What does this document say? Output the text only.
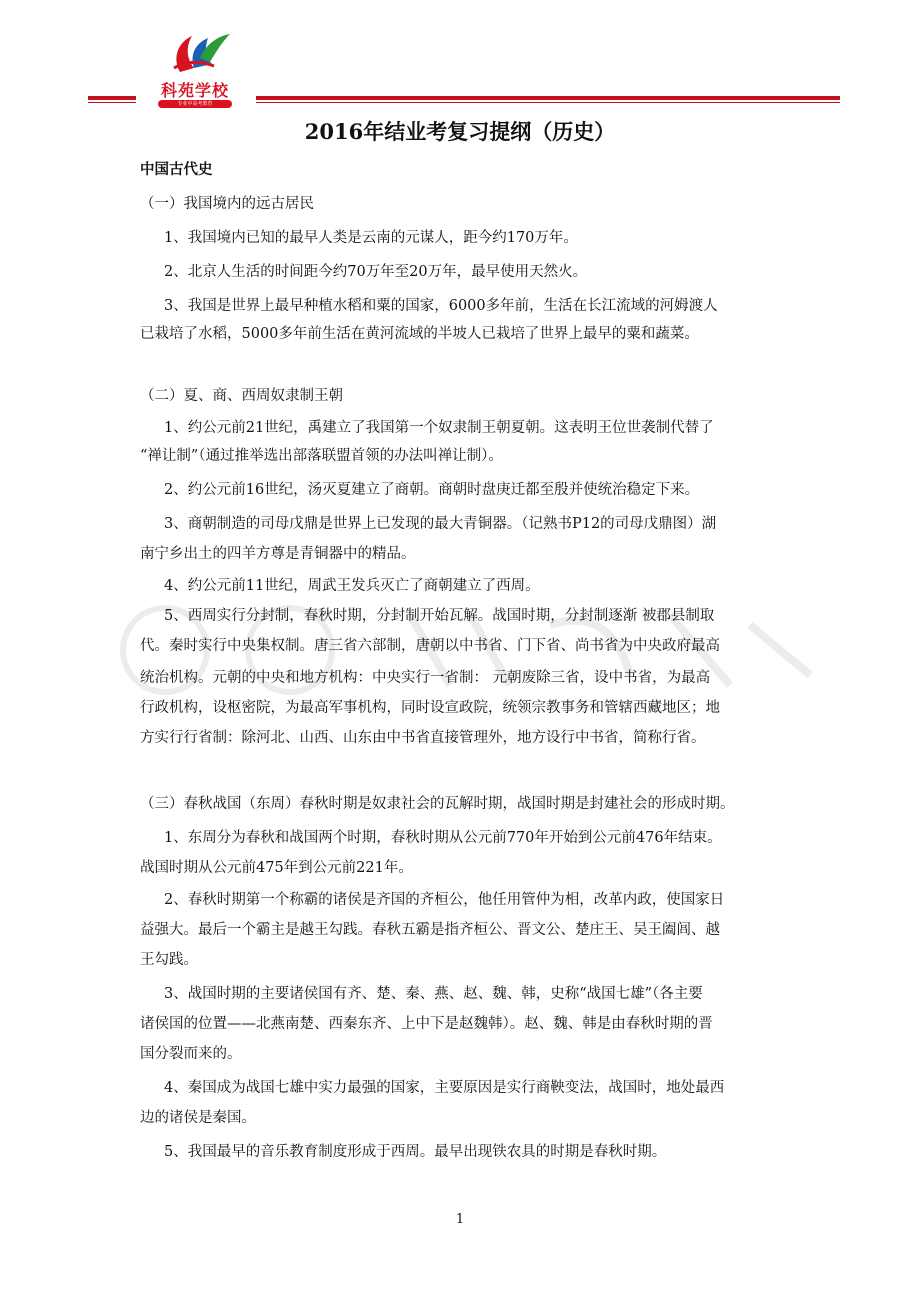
科苑学校
专业中高考教育
2016年结业考复习提纲（历史）
中国古代史
（一）我国境内的远古居民
1、我国境内已知的最早人类是云南的元谋人，距今约170万年。
2、北京人生活的时间距今约70万年至20万年，最早使用天然火。
3、我国是世界上最早种植水稻和粟的国家，6000多年前，生活在长江流域的河姆渡人
已栽培了水稻，5000多年前生活在黄河流域的半坡人已栽培了世界上最早的粟和蔬菜。
（二）夏、商、西周奴隶制王朝
1、约公元前21世纪，禹建立了我国第一个奴隶制王朝夏朝。这表明王位世袭制代替了
“禅让制”（通过推举选出部落联盟首领的办法叫禅让制）。
2、约公元前16世纪，汤灭夏建立了商朝。商朝时盘庚迁都至殷并使统治稳定下来。
3、商朝制造的司母戊鼎是世界上已发现的最大青铜器。（记熟书P12的司母戊鼎图）湖
南宁乡出土的四羊方尊是青铜器中的精品。
4、约公元前11世纪，周武王发兵灭亡了商朝建立了西周。
5、西周实行分封制，春秋时期，分封制开始瓦解。战国时期，分封制逐渐 被郡县制取
代。秦时实行中央集权制。唐三省六部制，唐朝以中书省、门下省、尚书省为中央政府最高
统治机构。元朝的中央和地方机构：中央实行一省制： 元朝废除三省，设中书省，为最高
行政机构，设枢密院，为最高军事机构，同时设宣政院，统领宗教事务和管辖西藏地区；地
方实行行省制：除河北、山西、山东由中书省直接管理外，地方设行中书省，简称行省。
（三）春秋战国（东周）春秋时期是奴隶社会的瓦解时期，战国时期是封建社会的形成时期。
1、东周分为春秋和战国两个时期，春秋时期从公元前770年开始到公元前476年结束。
战国时期从公元前475年到公元前221年。
2、春秋时期第一个称霸的诸侯是齐国的齐桓公，他任用管仲为相，改革内政，使国家日
益强大。最后一个霸主是越王勾践。春秋五霸是指齐桓公、晋文公、楚庄王、吴王阖闾、越
王勾践。
3、战国时期的主要诸侯国有齐、楚、秦、燕、赵、魏、韩，史称“战国七雄”（各主要
诸侯国的位置——北燕南楚、西秦东齐、上中下是赵魏韩）。赵、魏、韩是由春秋时期的晋
国分裂而来的。
4、秦国成为战国七雄中实力最强的国家，主要原因是实行商鞅变法，战国时，地处最西
边的诸侯是秦国。
5、我国最早的音乐教育制度形成于西周。最早出现铁农具的时期是春秋时期。
1
